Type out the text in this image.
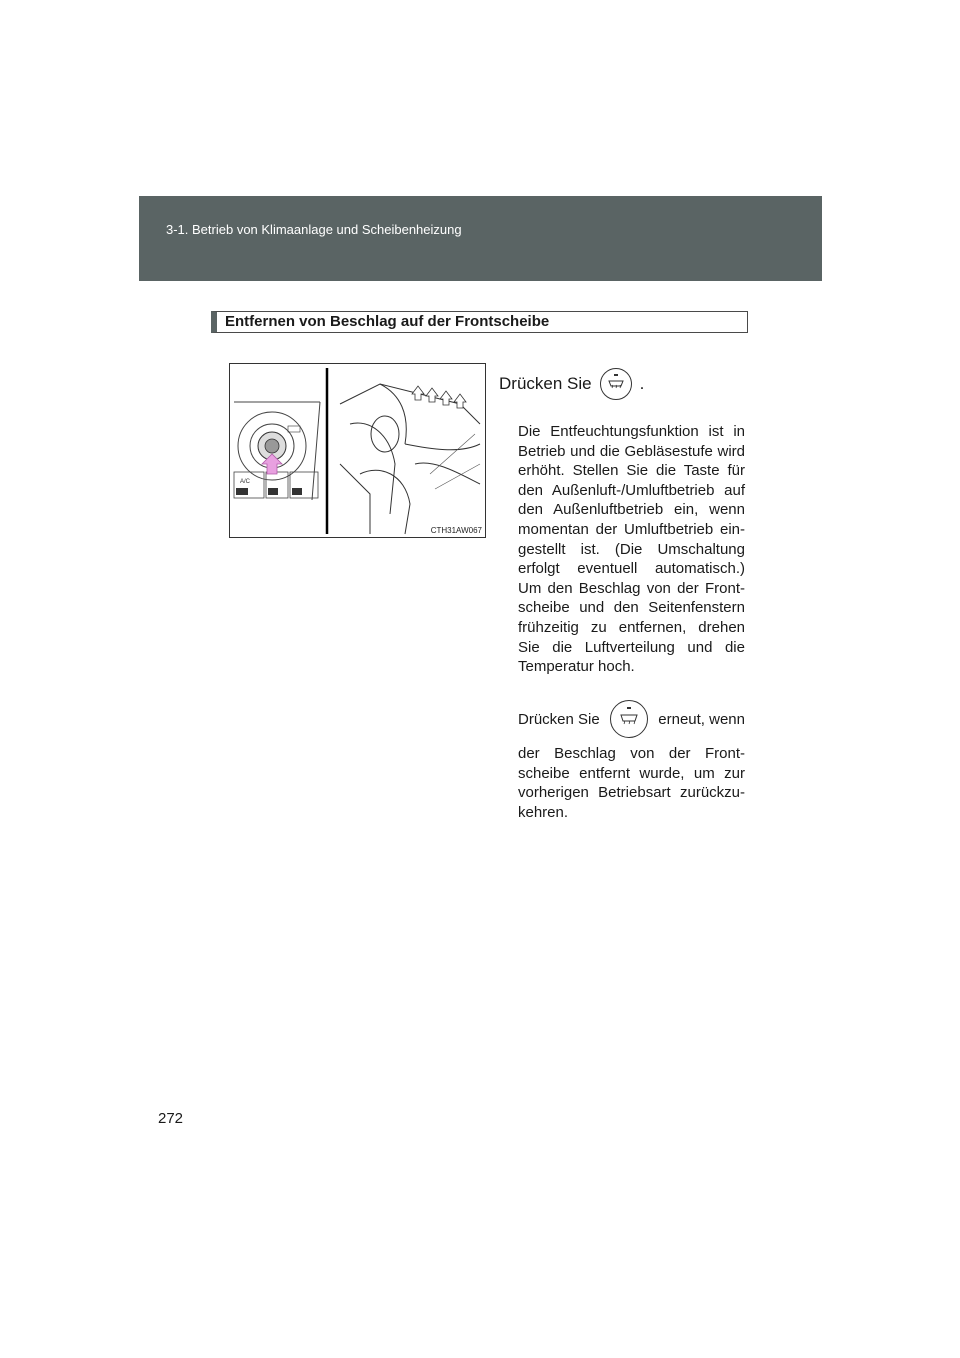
3-1. Betrieb von Klimaanlage und Scheibenheizung
Entfernen von Beschlag auf der Frontscheibe
A/C
CTH31AW067
Drücken Sie	.
Die Entfeuchtungsfunktion ist in Betrieb und die Gebläsestufe wird erhöht. Stellen Sie die Taste für den Außenluft-/Umluftbetrieb auf den Außenluftbetrieb ein, wenn momentan der Umluftbetrieb ein-gestellt ist. (Die Umschaltung erfolgt eventuell automatisch.) Um den Beschlag von der Front-scheibe und den Seitenfenstern frühzeitig zu entfernen, drehen Sie die Luftverteilung und die Temperatur hoch.
Drücken Sie	erneut, wenn
der Beschlag von der Front-scheibe entfernt wurde, um zur vorherigen Betriebsart zurückzu-kehren.
272
